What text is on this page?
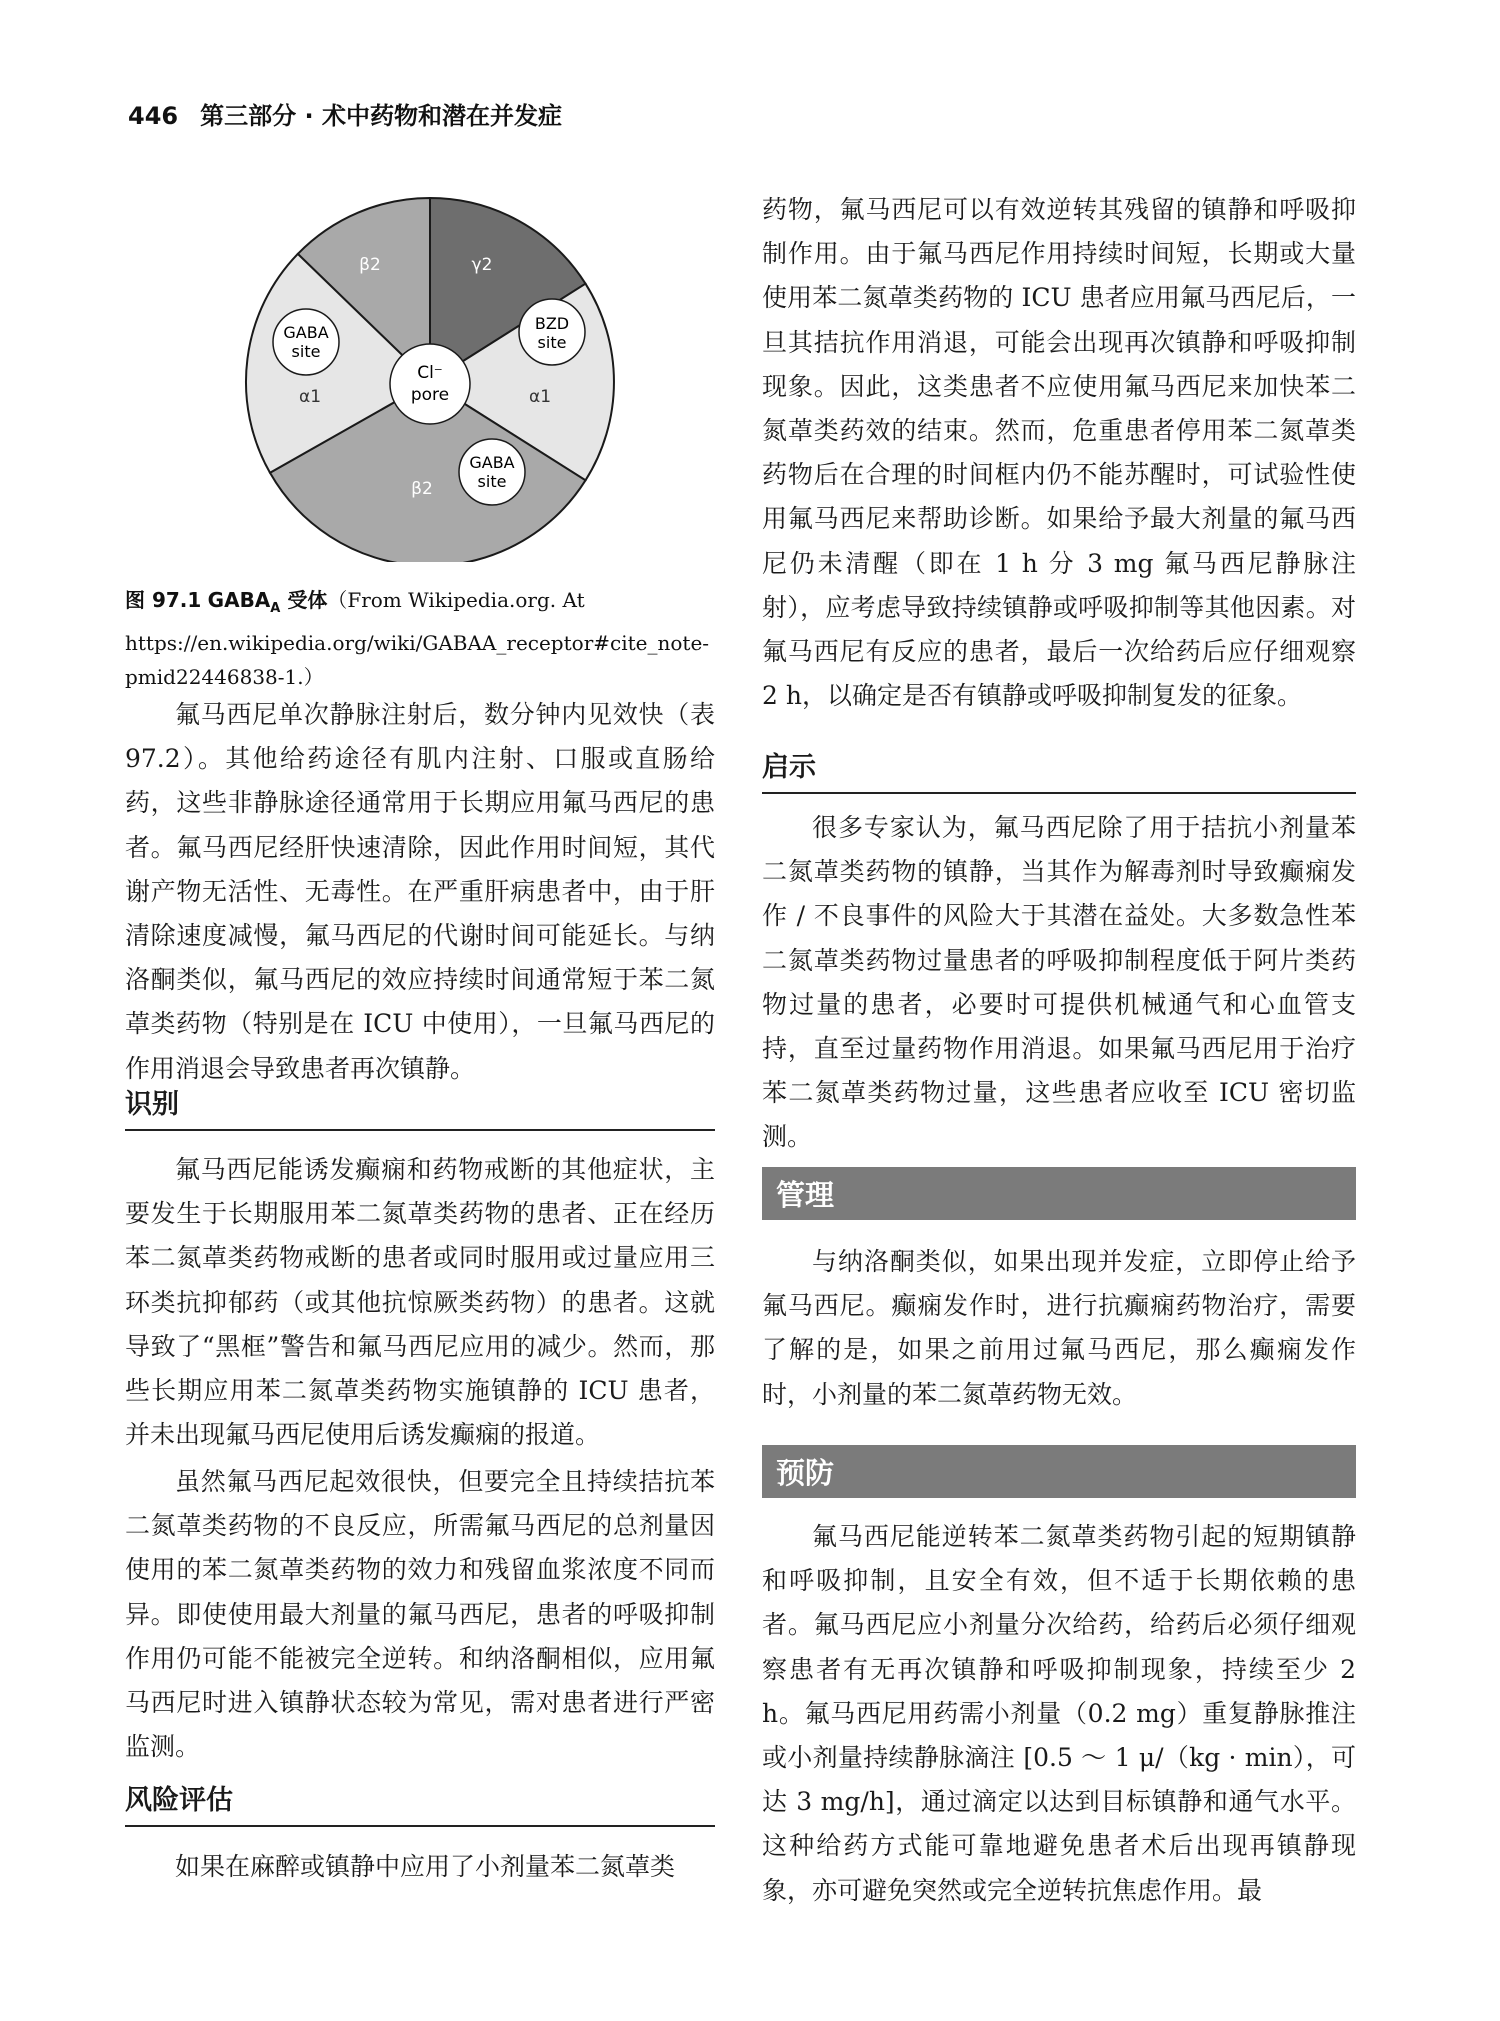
446 第三部分 · 术中药物和潜在并发症
β2	γ2
α1
β2
α1
GABA
site
BZD
site
GABA
site
Cl⁻
pore
图 97.1 $GABA_A$ 受体（From Wikipedia.org. At https://en.wikipedia.org/wiki/GABAA_receptor#cite_note-pmid22446838-1.）

氟马西尼单次静脉注射后，数分钟内见效快（表 97.2）。其他给药途径有肌内注射、口服或直肠给药，这些非静脉途径通常用于长期应用氟马西尼的患者。氟马西尼经肝快速清除，因此作用时间短，其代谢产物无活性、无毒性。在严重肝病患者中，由于肝清除速度减慢，氟马西尼的代谢时间可能延长。与纳洛酮类似，氟马西尼的效应持续时间通常短于苯二氮䓬类药物（特别是在 ICU 中使用），一旦氟马西尼的作用消退会导致患者再次镇静。

识别

氟马西尼能诱发癫痫和药物戒断的其他症状，主要发生于长期服用苯二氮䓬类药物的患者、正在经历苯二氮䓬类药物戒断的患者或同时服用或过量应用三环类抗抑郁药（或其他抗惊厥类药物）的患者。这就导致了“黑框”警告和氟马西尼应用的减少。然而，那些长期应用苯二氮䓬类药物实施镇静的 ICU 患者，并未出现氟马西尼使用后诱发癫痫的报道。

虽然氟马西尼起效很快，但要完全且持续拮抗苯二氮䓬类药物的不良反应，所需氟马西尼的总剂量因使用的苯二氮䓬类药物的效力和残留血浆浓度不同而异。即使使用最大剂量的氟马西尼，患者的呼吸抑制作用仍可能不能被完全逆转。和纳洛酮相似，应用氟马西尼时进入镇静状态较为常见，需对患者进行严密监测。

风险评估

如果在麻醉或镇静中应用了小剂量苯二氮䓬类

药物，氟马西尼可以有效逆转其残留的镇静和呼吸抑制作用。由于氟马西尼作用持续时间短，长期或大量使用苯二氮䓬类药物的 ICU 患者应用氟马西尼后，一旦其拮抗作用消退，可能会出现再次镇静和呼吸抑制现象。因此，这类患者不应使用氟马西尼来加快苯二氮䓬类药效的结束。然而，危重患者停用苯二氮䓬类药物后在合理的时间框内仍不能苏醒时，可试验性使用氟马西尼来帮助诊断。如果给予最大剂量的氟马西尼仍未清醒（即在 1 h 分 3 mg 氟马西尼静脉注射），应考虑导致持续镇静或呼吸抑制等其他因素。对氟马西尼有反应的患者，最后一次给药后应仔细观察 2 h，以确定是否有镇静或呼吸抑制复发的征象。

启示

很多专家认为，氟马西尼除了用于拮抗小剂量苯二氮䓬类药物的镇静，当其作为解毒剂时导致癫痫发作 / 不良事件的风险大于其潜在益处。大多数急性苯二氮䓬类药物过量患者的呼吸抑制程度低于阿片类药物过量的患者，必要时可提供机械通气和心血管支持，直至过量药物作用消退。如果氟马西尼用于治疗苯二氮䓬类药物过量，这些患者应收至 ICU 密切监测。

管理

与纳洛酮类似，如果出现并发症，立即停止给予氟马西尼。癫痫发作时，进行抗癫痫药物治疗，需要了解的是，如果之前用过氟马西尼，那么癫痫发作时，小剂量的苯二氮䓬药物无效。

预防

氟马西尼能逆转苯二氮䓬类药物引起的短期镇静和呼吸抑制，且安全有效，但不适于长期依赖的患者。氟马西尼应小剂量分次给药，给药后必须仔细观察患者有无再次镇静和呼吸抑制现象，持续至少 2 h。氟马西尼用药需小剂量（0.2 mg）重复静脉推注或小剂量持续静脉滴注 [0.5 ～ 1 μ/（kg · min），可达 3 mg/h]，通过滴定以达到目标镇静和通气水平。这种给药方式能可靠地避免患者术后出现再镇静现象，亦可避免突然或完全逆转抗焦虑作用。最
